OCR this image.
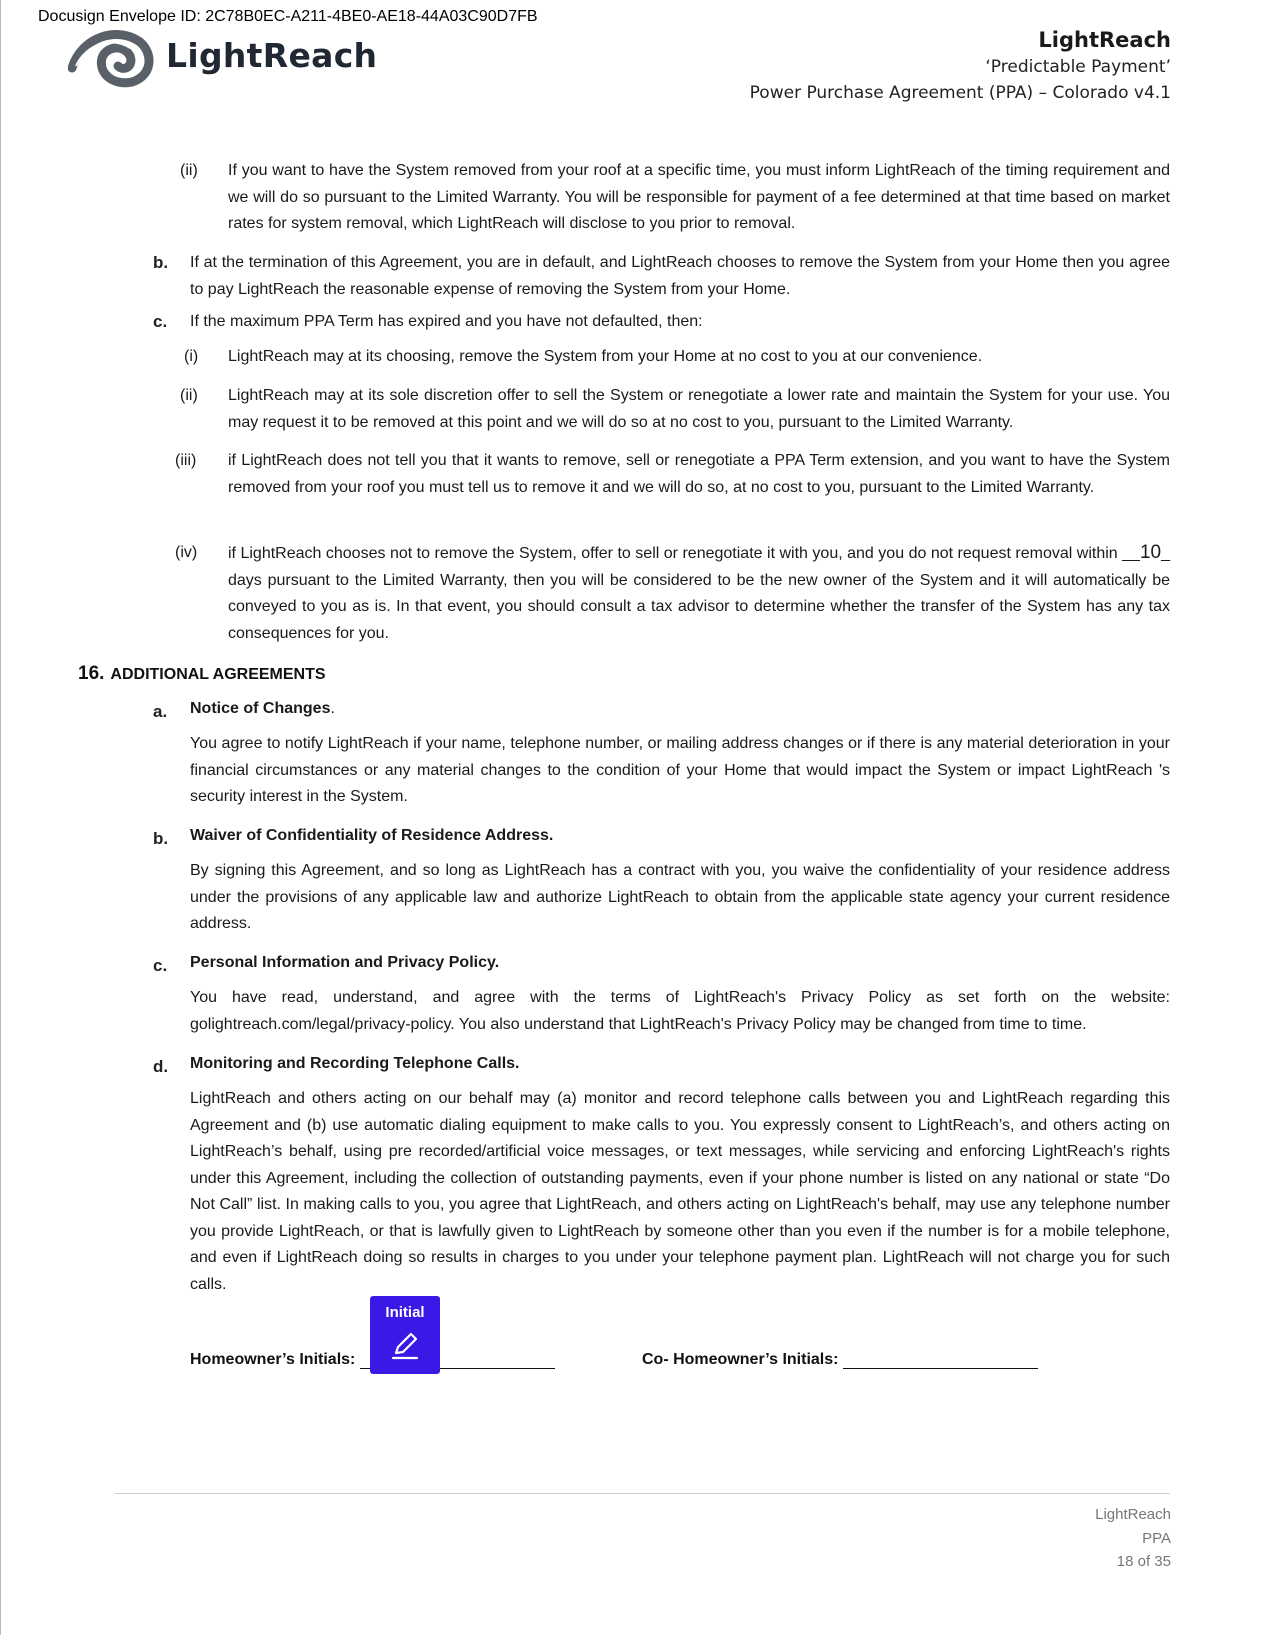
Docusign Envelope ID: 2C78B0EC-A211-4BE0-AE18-44A03C90D7FB
LightReach	LightReach
‘Predictable Payment’
Power Purchase Agreement (PPA) – Colorado v4.1
(ii) If you want to have the System removed from your roof at a specific time, you must inform LightReach of the timing requirement and we will do so pursuant to the Limited Warranty. You will be responsible for payment of a fee determined at that time based on market rates for system removal, which LightReach will disclose to you prior to removal.
b. If at the termination of this Agreement, you are in default, and LightReach chooses to remove the System from your Home then you agree to pay LightReach the reasonable expense of removing the System from your Home.
c. If the maximum PPA Term has expired and you have not defaulted, then:
(i) LightReach may at its choosing, remove the System from your Home at no cost to you at our convenience.
(ii) LightReach may at its sole discretion offer to sell the System or renegotiate a lower rate and maintain the System for your use. You may request it to be removed at this point and we will do so at no cost to you, pursuant to the Limited Warranty.
(iii) if LightReach does not tell you that it wants to remove, sell or renegotiate a PPA Term extension, and you want to have the System removed from your roof you must tell us to remove it and we will do so, at no cost to you, pursuant to the Limited Warranty.
(iv) if LightReach chooses not to remove the System, offer to sell or renegotiate it with you, and you do not request removal within __10_ days pursuant to the Limited Warranty, then you will be considered to be the new owner of the System and it will automatically be conveyed to you as is. In that event, you should consult a tax advisor to determine whether the transfer of the System has any tax consequences for you.
16. ADDITIONAL AGREEMENTS
a. Notice of Changes.
You agree to notify LightReach if your name, telephone number, or mailing address changes or if there is any material deterioration in your financial circumstances or any material changes to the condition of your Home that would impact the System or impact LightReach 's security interest in the System.
b. Waiver of Confidentiality of Residence Address.
By signing this Agreement, and so long as LightReach has a contract with you, you waive the confidentiality of your residence address under the provisions of any applicable law and authorize LightReach to obtain from the applicable state agency your current residence address.
c. Personal Information and Privacy Policy.
You have read, understand, and agree with the terms of LightReach's Privacy Policy as set forth on the website: golightreach.com/legal/privacy-policy. You also understand that LightReach's Privacy Policy may be changed from time to time.
d. Monitoring and Recording Telephone Calls.
LightReach and others acting on our behalf may (a) monitor and record telephone calls between you and LightReach regarding this Agreement and (b) use automatic dialing equipment to make calls to you. You expressly consent to LightReach’s, and others acting on LightReach’s behalf, using pre recorded/artificial voice messages, or text messages, while servicing and enforcing LightReach's rights under this Agreement, including the collection of outstanding payments, even if your phone number is listed on any national or state “Do Not Call” list. In making calls to you, you agree that LightReach, and others acting on LightReach's behalf, may use any telephone number you provide LightReach, or that is lawfully given to LightReach by someone other than you even if the number is for a mobile telephone, and even if LightReach doing so results in charges to you under your telephone payment plan. LightReach will not charge you for such calls.
Homeowner’s Initials:	Co- Homeowner’s Initials:
Initial
LightReach
PPA
18 of 35
